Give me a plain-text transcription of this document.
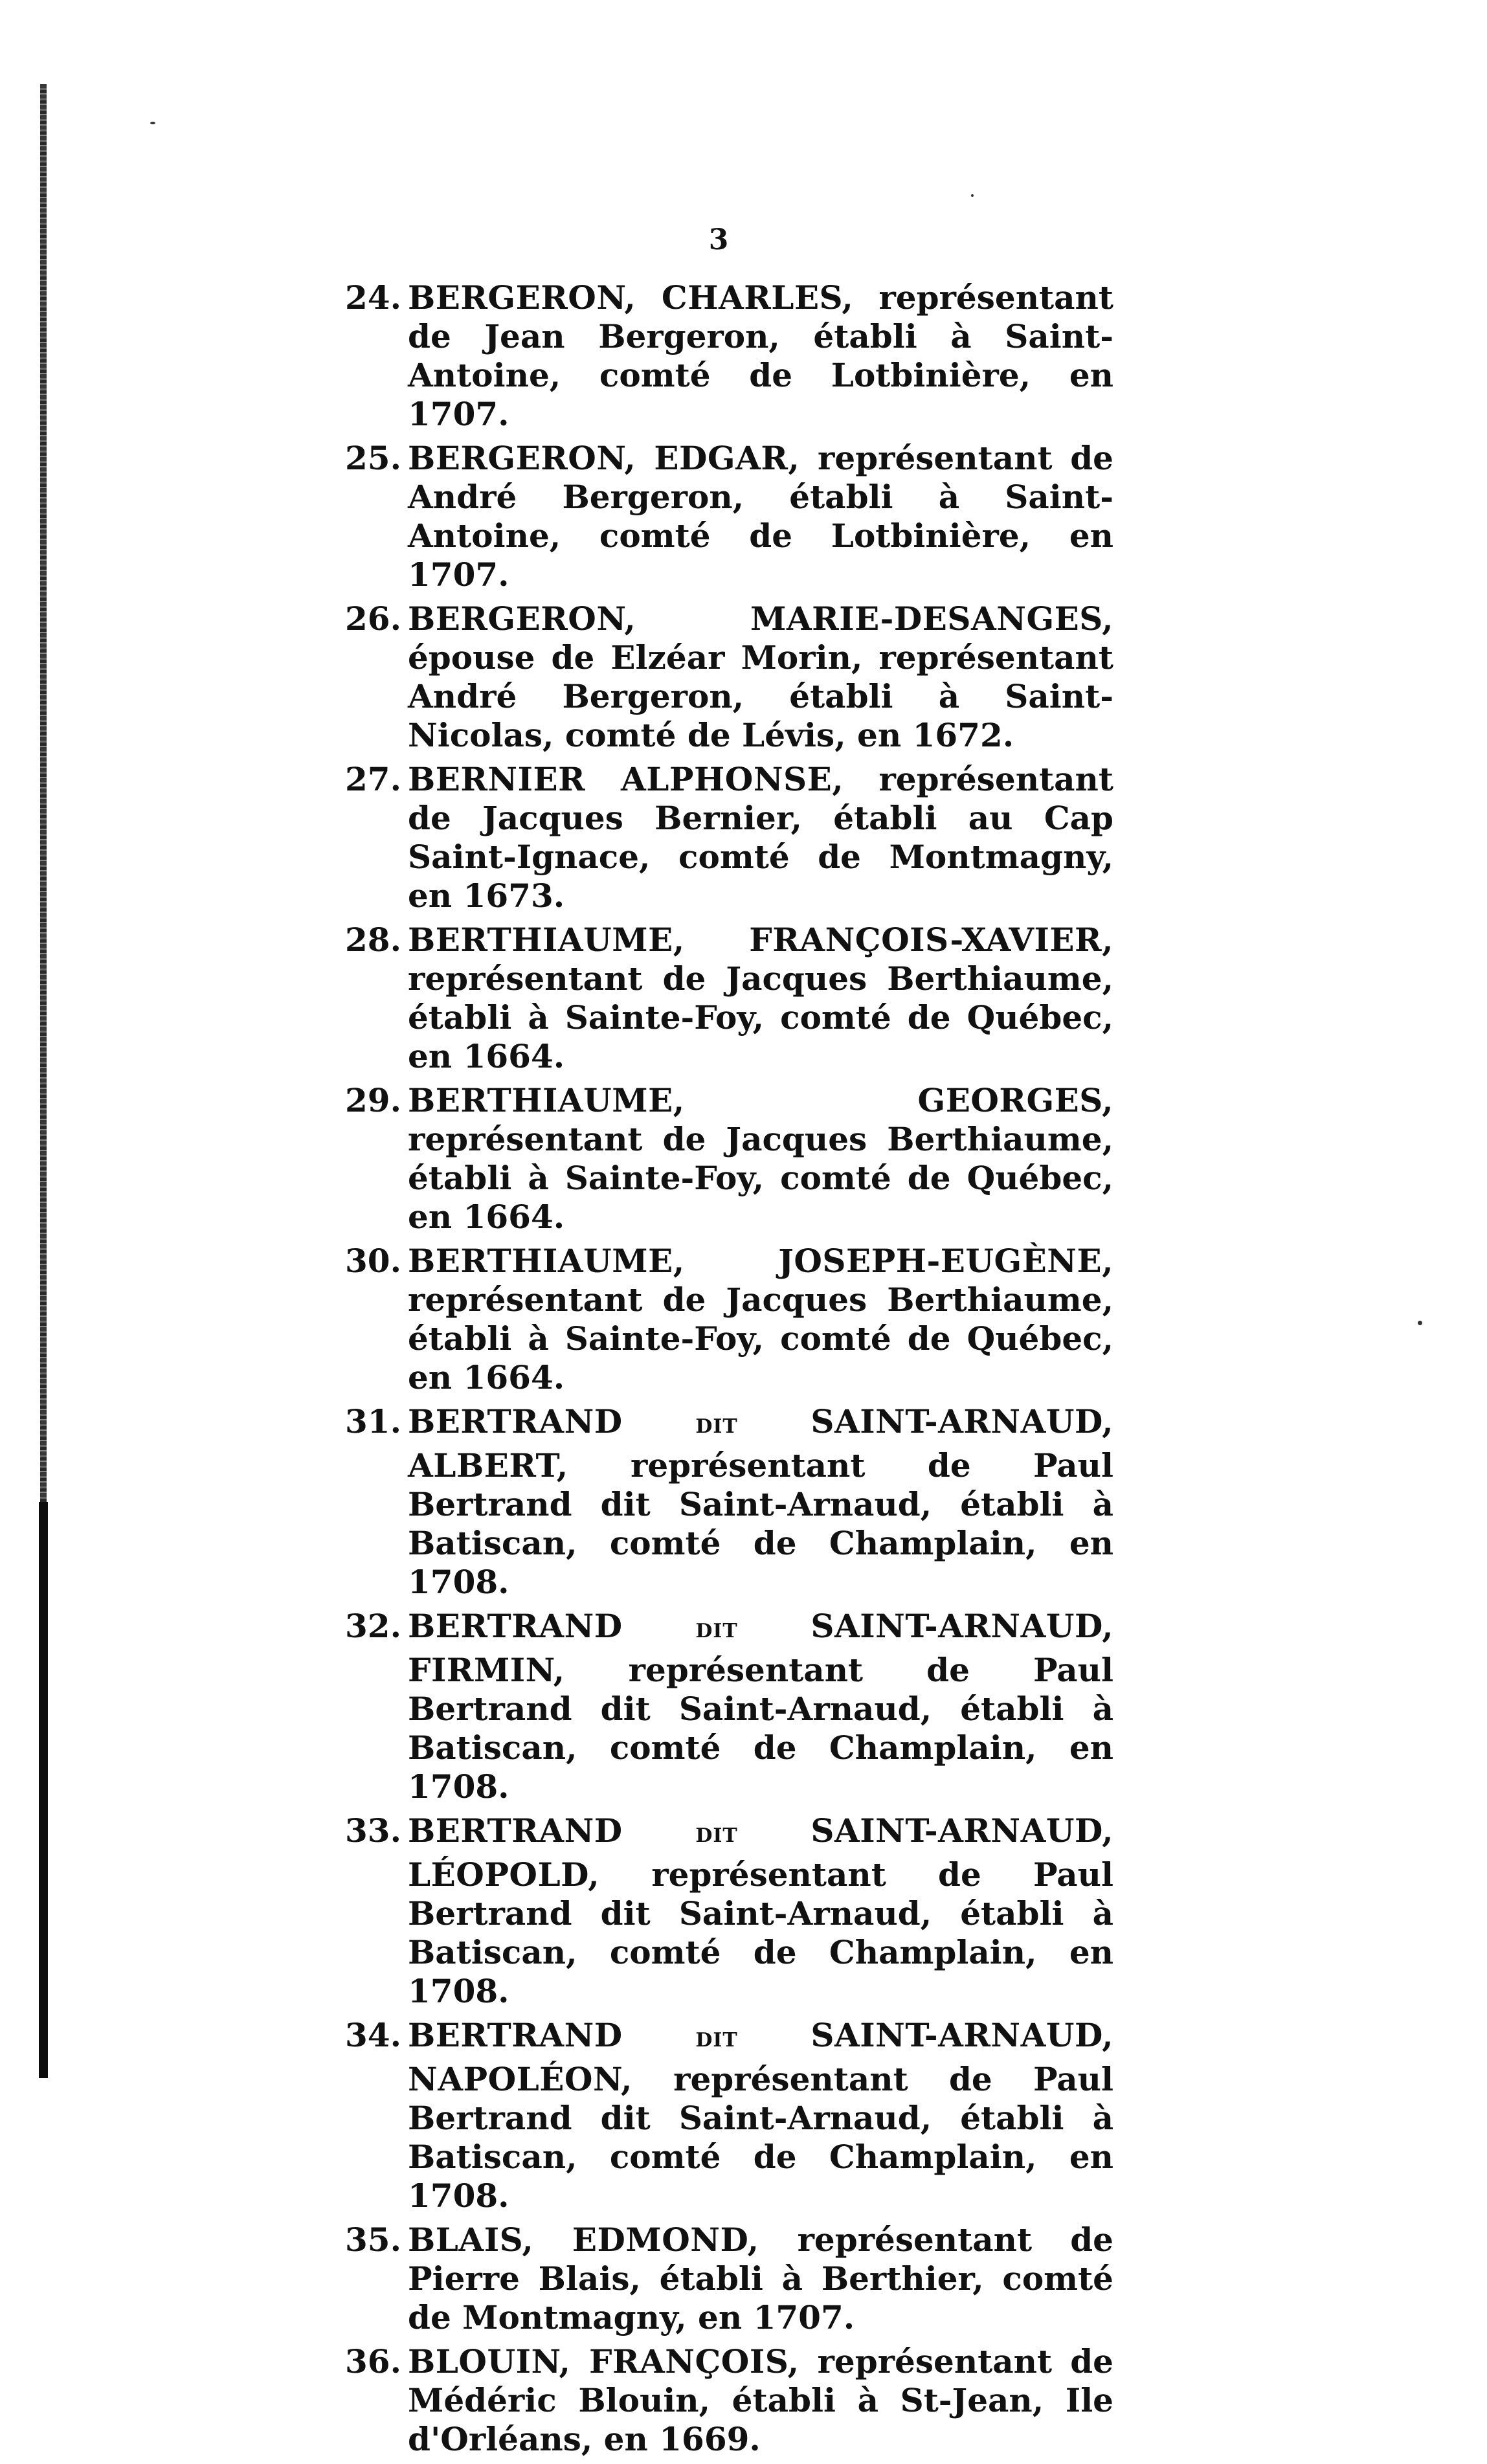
3
24. BERGERON, CHARLES, représentant de Jean Bergeron, établi à Saint-Antoine, comté de Lotbinière, en 1707.
25. BERGERON, EDGAR, représentant de André Bergeron, établi à Saint-Antoine, comté de Lotbinière, en 1707.
26. BERGERON, MARIE-DESANGES, épouse de Elzéar Morin, représentant André Bergeron, établi à Saint-Nicolas, comté de Lévis, en 1672.
27. BERNIER ALPHONSE, représentant de Jacques Bernier, établi au Cap Saint-Ignace, comté de Montmagny, en 1673.
28. BERTHIAUME, FRANÇOIS-XAVIER, représentant de Jacques Berthiaume, établi à Sainte-Foy, comté de Québec, en 1664.
29. BERTHIAUME, GEORGES, représentant de Jacques Berthiaume, établi à Sainte-Foy, comté de Québec, en 1664.
30. BERTHIAUME, JOSEPH-EUGÈNE, représentant de Jacques Berthiaume, établi à Sainte-Foy, comté de Québec, en 1664.
31. BERTRAND	DIT SAINT-ARNAUD, ALBERT, représentant de Paul Bertrand dit Saint-Arnaud, établi à Batiscan, comté de Champlain, en 1708.
32. BERTRAND	DIT SAINT-ARNAUD, FIRMIN, représentant de Paul Bertrand dit Saint-Arnaud, établi à Batiscan, comté de Champlain, en 1708.
33. BERTRAND	DIT SAINT-ARNAUD, LÉOPOLD, représentant de Paul Bertrand dit Saint-Arnaud, établi à Batiscan, comté de Champlain, en 1708.
34. BERTRAND	DIT SAINT-ARNAUD, NAPOLÉON, représentant de Paul Bertrand dit Saint-Arnaud, établi à Batiscan, comté de Champlain, en 1708.
35. BLAIS, EDMOND, représentant de Pierre Blais, établi à Berthier, comté de Montmagny, en 1707.
36. BLOUIN, FRANÇOIS, représentant de Médéric Blouin, établi à St-Jean, Ile d'Orléans, en 1669.
